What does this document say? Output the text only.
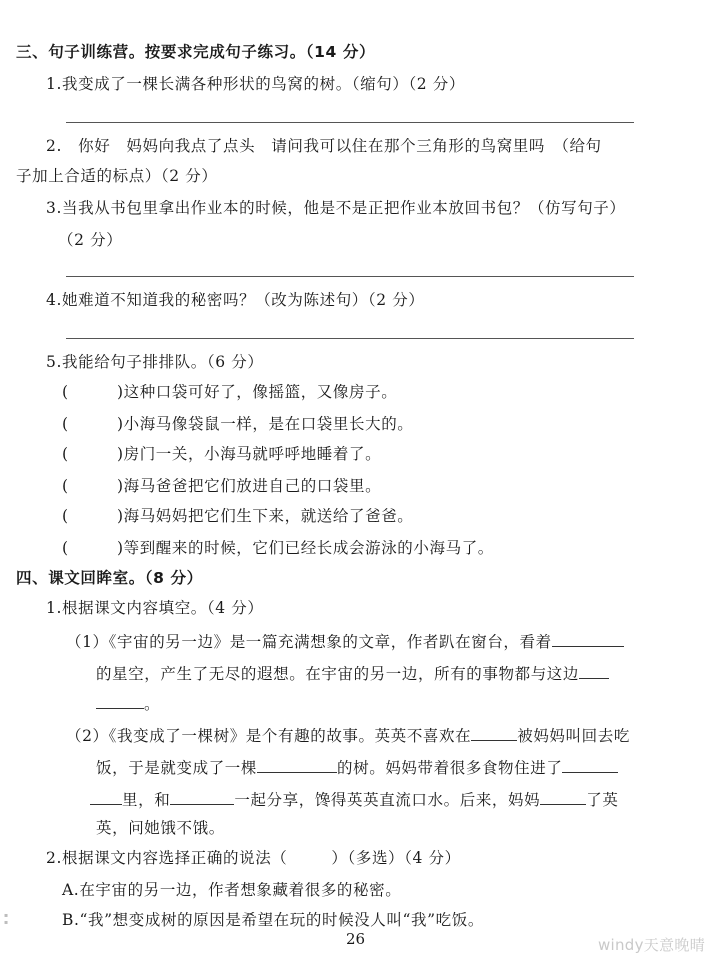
三、句子训练营。按要求完成句子练习。（14 分）
1.我变成了一棵长满各种形状的鸟窝的树。（缩句）（2 分）
2.　你好　妈妈向我点了点头　请问我可以住在那个三角形的鸟窝里吗　（给句
子加上合适的标点）（2 分）
3.当我从书包里拿出作业本的时候，他是不是正把作业本放回书包？（仿写句子）
（2 分）
4.她难道不知道我的秘密吗？（改为陈述句）（2 分）
5.我能给句子排排队。（6 分）
(　　　)这种口袋可好了，像摇篮，又像房子。
(　　　)小海马像袋鼠一样，是在口袋里长大的。
(　　　)房门一关，小海马就呼呼地睡着了。
(　　　)海马爸爸把它们放进自己的口袋里。
(　　　)海马妈妈把它们生下来，就送给了爸爸。
(　　　)等到醒来的时候，它们已经长成会游泳的小海马了。
四、课文回眸室。（8 分）
1.根据课文内容填空。（4 分）
（1）《宇宙的另一边》是一篇充满想象的文章，作者趴在窗台，看着
的星空，产生了无尽的遐想。在宇宙的另一边，所有的事物都与这边
。
（2）《我变成了一棵树》是个有趣的故事。英英不喜欢在	被妈妈叫回去吃
饭，于是就变成了一棵	的树。妈妈带着很多食物住进了
里，和	一起分享，馋得英英直流口水。后来，妈妈	了英
英，问她饿不饿。
2.根据课文内容选择正确的说法（	）（多选）（4 分）
A.在宇宙的另一边，作者想象藏着很多的秘密。
B.“我”想变成树的原因是希望在玩的时候没人叫“我”吃饭。
26	windy天意晚晴
▪
▪
